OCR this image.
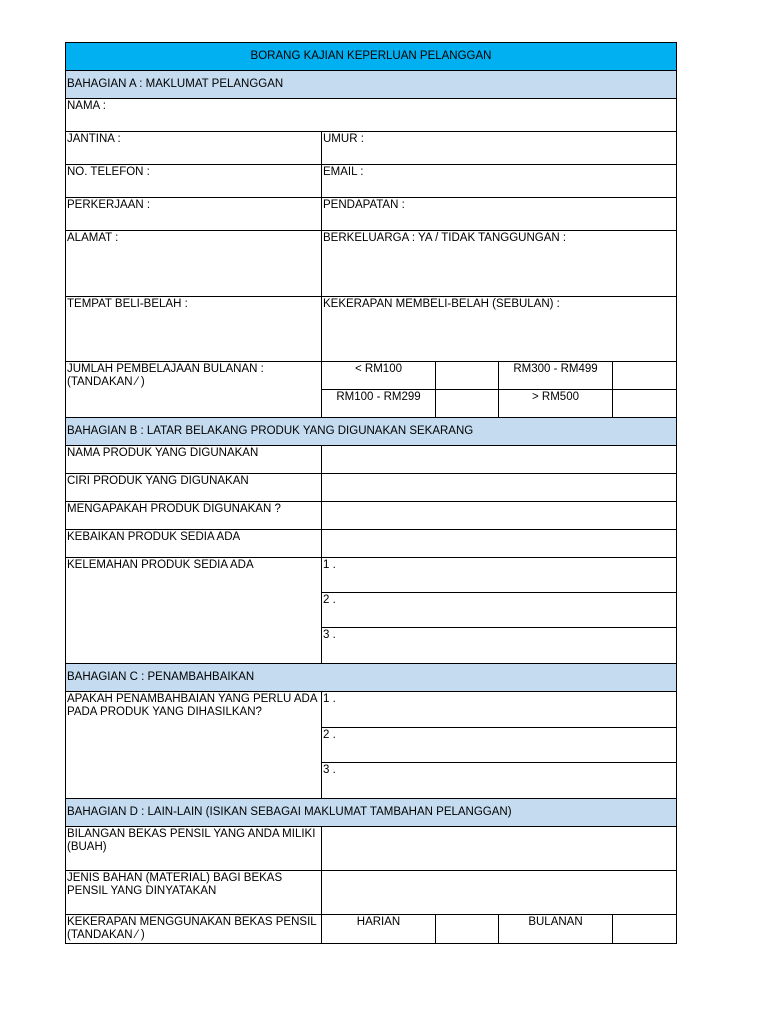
BORANG KAJIAN KEPERLUAN PELANGGAN				
BAHAGIAN A : MAKLUMAT PELANGGAN				
NAMA :				
JANTINA :	UMUR :			
NO. TELEFON :	EMAIL :			
PERKERJAAN :	PENDAPATAN :			
ALAMAT :	BERKELUARGA : YA / TIDAK TANGGUNGAN :			
TEMPAT BELI-BELAH :	KEKERAPAN MEMBELI-BELAH (SEBULAN) :			
JUMLAH PEMBELAJAAN BULANAN : (TANDAKAN ⁄ )	< RM100		RM300 - RM499	
	RM100 - RM299		> RM500	
BAHAGIAN B : LATAR BELAKANG PRODUK YANG DIGUNAKAN SEKARANG				
NAMA PRODUK YANG DIGUNAKAN				
CIRI PRODUK YANG DIGUNAKAN				
MENGAPAKAH PRODUK DIGUNAKAN ?				
KEBAIKAN PRODUK SEDIA ADA				
KELEMAHAN PRODUK SEDIA ADA	1 .			
	2 .			
	3 .			
BAHAGIAN C : PENAMBAHBAIKAN				
APAKAH PENAMBAHBAIAN YANG PERLU ADA PADA PRODUK YANG DIHASILKAN?	1 .			
	2 .			
	3 .			
BAHAGIAN D : LAIN-LAIN (ISIKAN SEBAGAI MAKLUMAT TAMBAHAN PELANGGAN)				
BILANGAN BEKAS PENSIL YANG ANDA MILIKI (BUAH)				
JENIS BAHAN (MATERIAL) BAGI BEKAS PENSIL YANG DINYATAKAN				
KEKERAPAN MENGGUNAKAN BEKAS PENSIL (TANDAKAN ⁄ )	HARIAN		BULANAN	
